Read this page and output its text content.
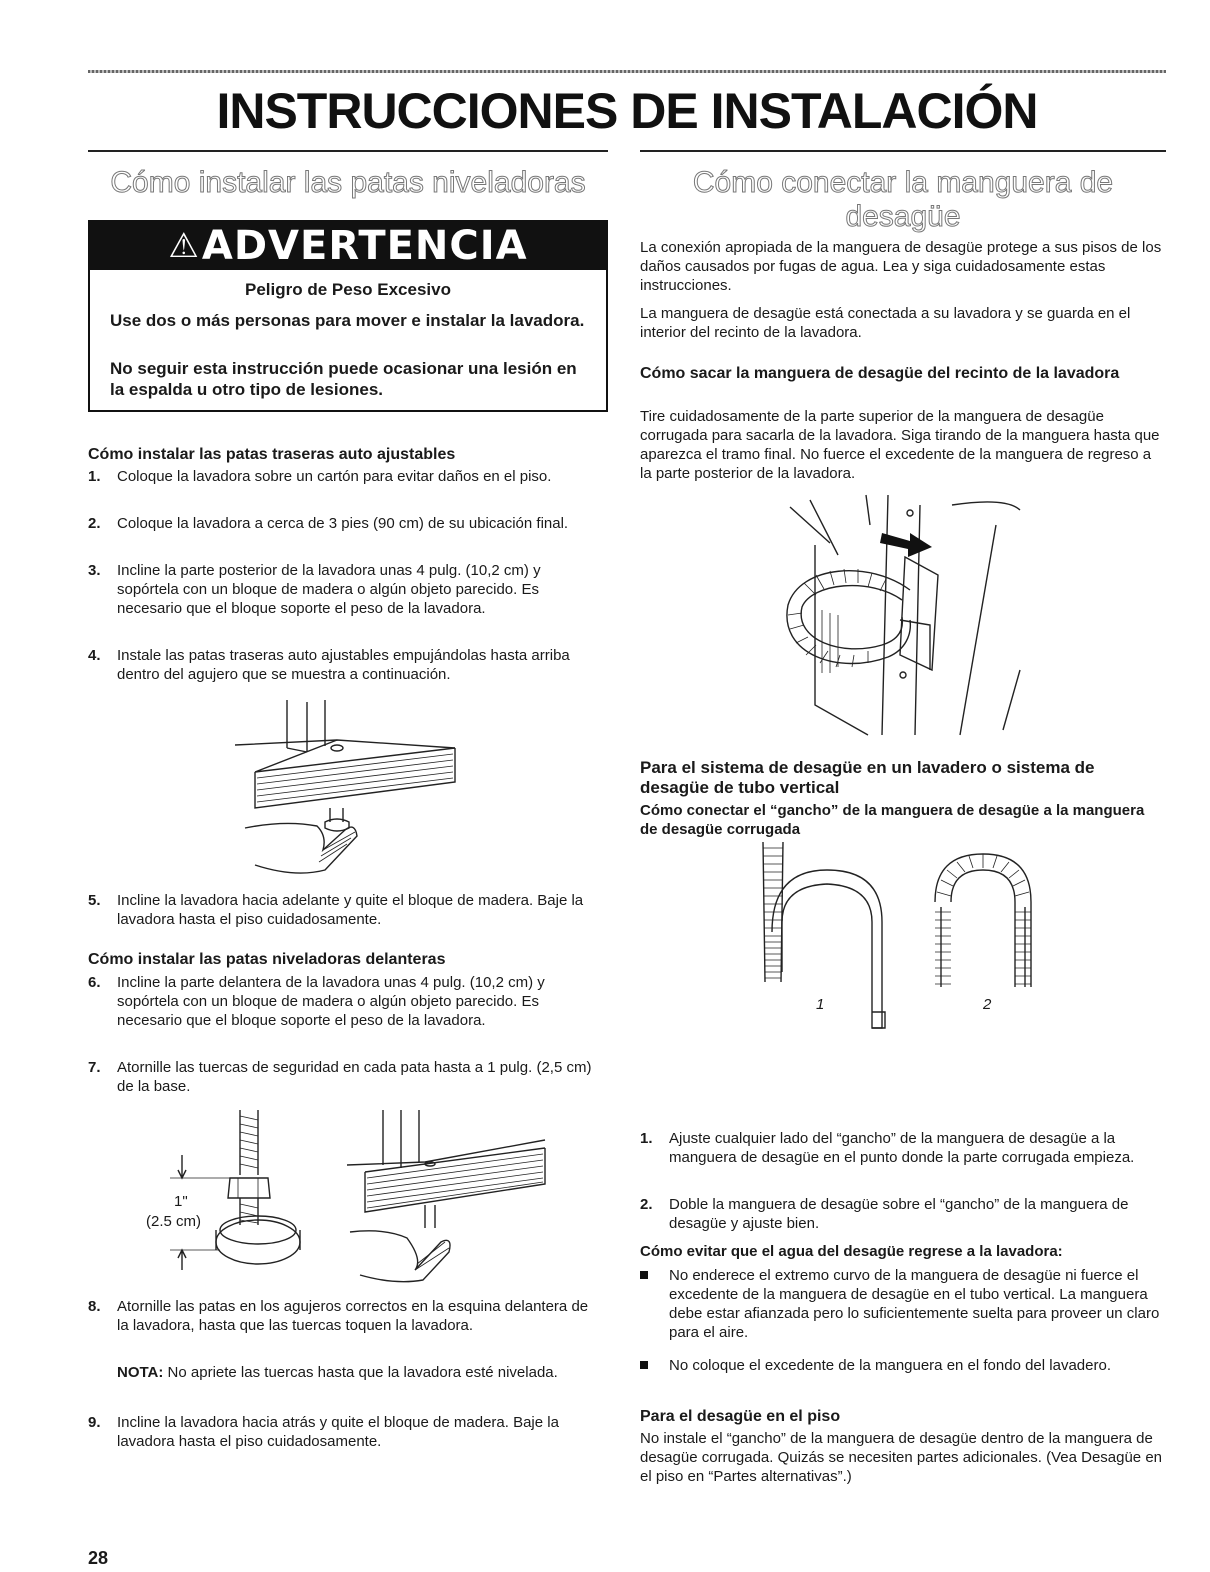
INSTRUCCIONES DE INSTALACIÓN
Cómo instalar las patas niveladoras
⚠ADVERTENCIA
Peligro de Peso Excesivo
Use dos o más personas para mover e instalar la lavadora.
No seguir esta instrucción puede ocasionar una lesión en la espalda u otro tipo de lesiones.
Cómo instalar las patas traseras auto ajustables
1. Coloque la lavadora sobre un cartón para evitar daños en el piso.
2. Coloque la lavadora a cerca de 3 pies (90 cm) de su ubicación final.
3. Incline la parte posterior de la lavadora unas 4 pulg. (10,2 cm) y sopórtela con un bloque de madera o algún objeto parecido. Es necesario que el bloque soporte el peso de la lavadora.
4. Instale las patas traseras auto ajustables empujándolas hasta arriba dentro del agujero que se muestra a continuación.
5. Incline la lavadora hacia adelante y quite el bloque de madera. Baje la lavadora hasta el piso cuidadosamente.
Cómo instalar las patas niveladoras delanteras
6. Incline la parte delantera de la lavadora unas 4 pulg. (10,2 cm) y sopórtela con un bloque de madera o algún objeto parecido. Es necesario que el bloque soporte el peso de la lavadora.
7. Atornille las tuercas de seguridad en cada pata hasta a 1 pulg. (2,5 cm) de la base.
1"
(2.5 cm)
8. Atornille las patas en los agujeros correctos en la esquina delantera de la lavadora, hasta que las tuercas toquen la lavadora.
NOTA: No apriete las tuercas hasta que la lavadora esté nivelada.
9. Incline la lavadora hacia atrás y quite el bloque de madera. Baje la lavadora hasta el piso cuidadosamente.
Cómo conectar la manguera de desagüe
La conexión apropiada de la manguera de desagüe protege a sus pisos de los daños causados por fugas de agua. Lea y siga cuidadosamente estas instrucciones.
La manguera de desagüe está conectada a su lavadora y se guarda en el interior del recinto de la lavadora.
Cómo sacar la manguera de desagüe del recinto de la lavadora
Tire cuidadosamente de la parte superior de la manguera de desagüe corrugada para sacarla de la lavadora. Siga tirando de la manguera hasta que aparezca el tramo final. No fuerce el excedente de la manguera de regreso a la parte posterior de la lavadora.
Para el sistema de desagüe en un lavadero o sistema de desagüe de tubo vertical
Cómo conectar el “gancho” de la manguera de desagüe a la manguera de desagüe corrugada
1	2
1. Ajuste cualquier lado del “gancho” de la manguera de desagüe a la manguera de desagüe en el punto donde la parte corrugada empieza.
2. Doble la manguera de desagüe sobre el “gancho” de la manguera de desagüe y ajuste bien.
Cómo evitar que el agua del desagüe regrese a la lavadora:
No enderece el extremo curvo de la manguera de desagüe ni fuerce el excedente de la manguera de desagüe en el tubo vertical. La manguera debe estar afianzada pero lo suficientemente suelta para proveer un claro para el aire.
No coloque el excedente de la manguera en el fondo del lavadero.
Para el desagüe en el piso
No instale el “gancho” de la manguera de desagüe dentro de la manguera de desagüe corrugada. Quizás se necesiten partes adicionales. (Vea Desagüe en el piso en “Partes alternativas”.)
28
